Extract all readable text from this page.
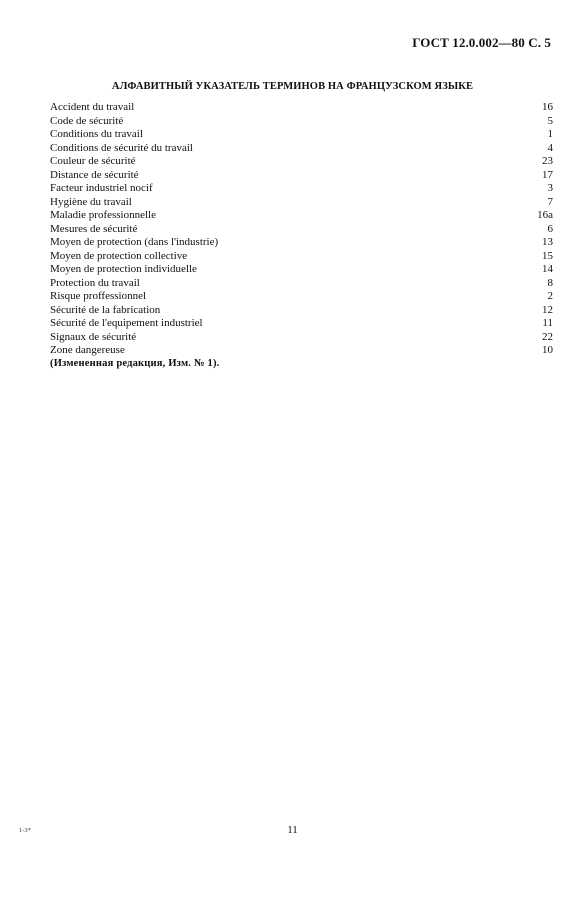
ГОСТ 12.0.002—80 С. 5
АЛФАВИТНЫЙ УКАЗАТЕЛЬ ТЕРМИНОВ НА ФРАНЦУЗСКОМ ЯЗЫКЕ
Accident du travail	16
Code de sécurité	5
Conditions du travail	1
Conditions de sécurité du travail	4
Couleur de sécurité	23
Distance de sécurité	17
Facteur industriel nocif	3
Hygiène du travail	7
Maladie professionnelle	16a
Mesures de sécurité	6
Moyen de protection (dans l'industrie)	13
Moyen de protection collective	15
Moyen de protection individuelle	14
Protection du travail	8
Risque proffessionnel	2
Sécurité de la fabrication	12
Sécurité de l'equipement industriel	11
Signaux de sécurité	22
Zone dangereuse	10
(Измененная редакция, Изм. № 1).
1-3*	11
